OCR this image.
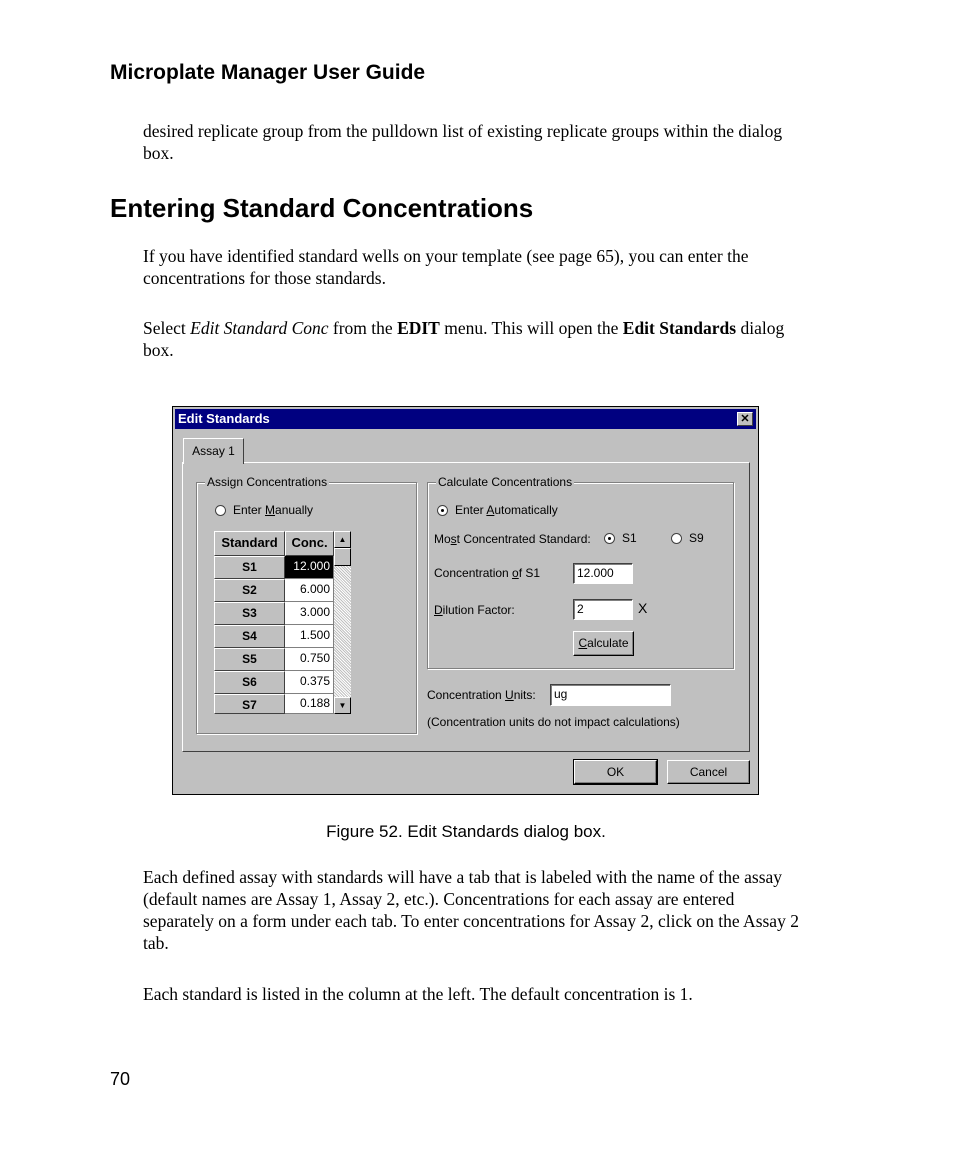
Microplate Manager User Guide

desired replicate group from the pulldown list of existing replicate groups within the dialog box.

Entering Standard Concentrations

If you have identified standard wells on your template (see page 65), you can enter the concentrations for those standards.

Select Edit Standard Conc from the EDIT menu. This will open the Edit Standards dialog box.

Edit Standards	✕
Assay 1
Assign Concentrations
Enter Manually
Standard	Conc.
S1	12.000
S2	6.000
S3	3.000
S4	1.500
S5	0.750
S6	0.375
S7	0.188
▲
▼
Calculate Concentrations
Enter Automatically
Most Concentrated Standard:	S1	S9
Concentration of S1	12.000
Dilution Factor:	2	X
Calculate
Concentration Units:	ug
(Concentration units do not impact calculations)
OK	Cancel
Figure 52. Edit Standards dialog box.

Each defined assay with standards will have a tab that is labeled with the name of the assay (default names are Assay 1, Assay 2, etc.). Concentrations for each assay are entered separately on a form under each tab. To enter concentrations for Assay 2, click on the Assay 2 tab.

Each standard is listed in the column at the left. The default concentration is 1.

70
